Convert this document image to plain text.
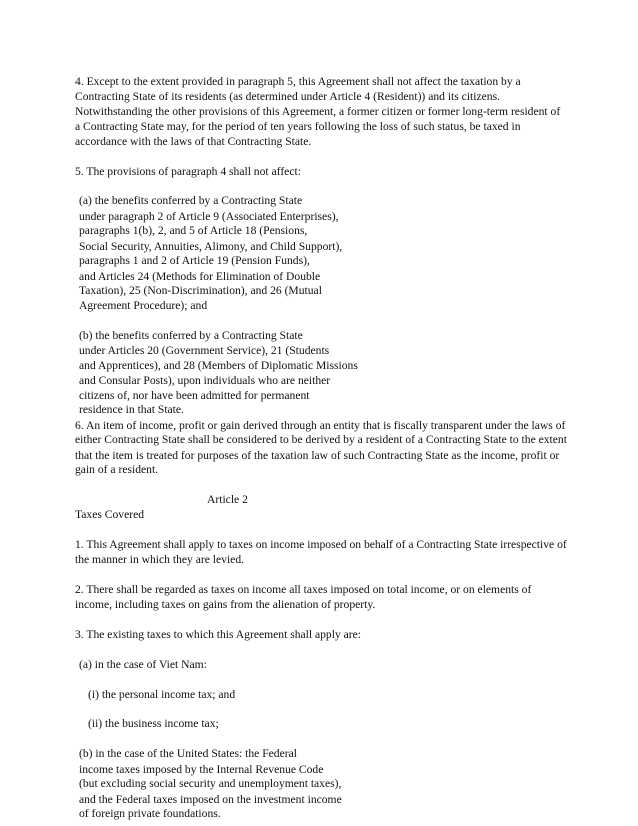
4. Except to the extent provided in paragraph 5, this Agreement shall not affect the taxation by a
Contracting State of its residents (as determined under Article 4 (Resident)) and its citizens.
Notwithstanding the other provisions of this Agreement, a former citizen or former long-term resident of
a Contracting State may, for the period of ten years following the loss of such status, be taxed in
accordance with the laws of that Contracting State.
5. The provisions of paragraph 4 shall not affect:
(a) the benefits conferred by a Contracting State
under paragraph 2 of Article 9 (Associated Enterprises),
paragraphs 1(b), 2, and 5 of Article 18 (Pensions,
Social Security, Annuities, Alimony, and Child Support),
paragraphs 1 and 2 of Article 19 (Pension Funds),
and Articles 24 (Methods for Elimination of Double
Taxation), 25 (Non-Discrimination), and 26 (Mutual
Agreement Procedure); and
(b) the benefits conferred by a Contracting State
under Articles 20 (Government Service), 21 (Students
and Apprentices), and 28 (Members of Diplomatic Missions
and Consular Posts), upon individuals who are neither
citizens of, nor have been admitted for permanent
residence in that State.
6. An item of income, profit or gain derived through an entity that is fiscally transparent under the laws of
either Contracting State shall be considered to be derived by a resident of a Contracting State to the extent
that the item is treated for purposes of the taxation law of such Contracting State as the income, profit or
gain of a resident.
Article 2
Taxes Covered
1. This Agreement shall apply to taxes on income imposed on behalf of a Contracting State irrespective of
the manner in which they are levied.
2. There shall be regarded as taxes on income all taxes imposed on total income, or on elements of
income, including taxes on gains from the alienation of property.
3. The existing taxes to which this Agreement shall apply are:
(a) in the case of Viet Nam:
(i) the personal income tax; and
(ii) the business income tax;
(b) in the case of the United States: the Federal
income taxes imposed by the Internal Revenue Code
(but excluding social security and unemployment taxes),
and the Federal taxes imposed on the investment income
of foreign private foundations.
